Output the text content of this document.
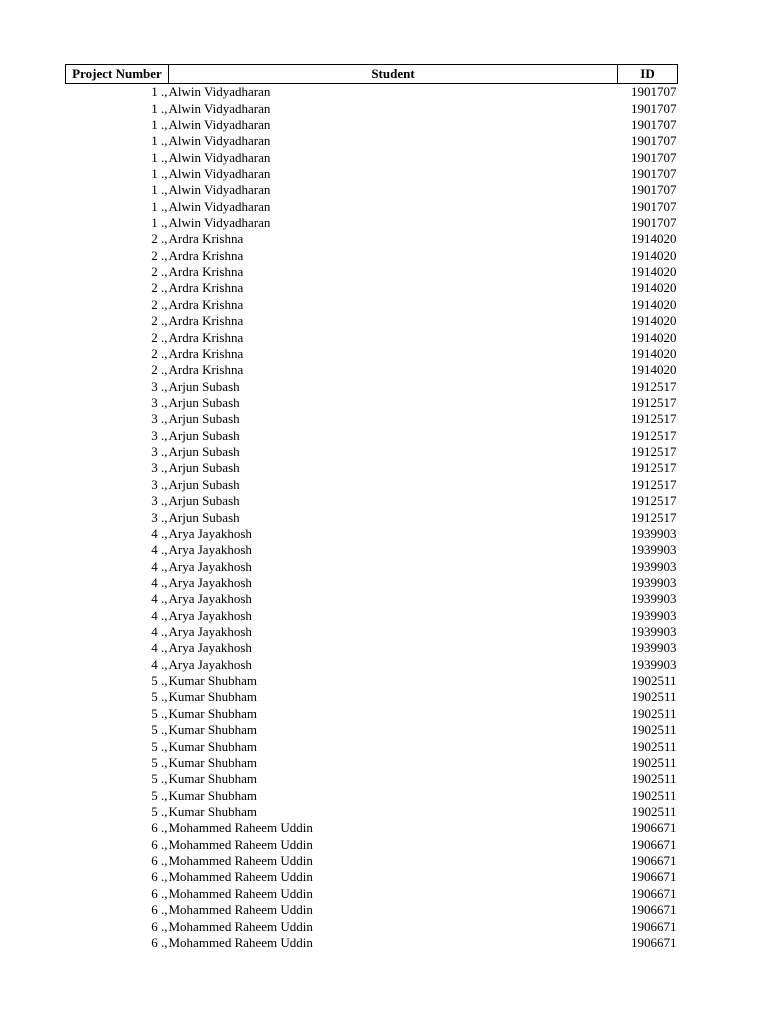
Project Number	Student	ID
1 .,	Alwin Vidyadharan	1901707
1 .,	Alwin Vidyadharan	1901707
1 .,	Alwin Vidyadharan	1901707
1 .,	Alwin Vidyadharan	1901707
1 .,	Alwin Vidyadharan	1901707
1 .,	Alwin Vidyadharan	1901707
1 .,	Alwin Vidyadharan	1901707
1 .,	Alwin Vidyadharan	1901707
1 .,	Alwin Vidyadharan	1901707
2 .,	Ardra Krishna	1914020
2 .,	Ardra Krishna	1914020
2 .,	Ardra Krishna	1914020
2 .,	Ardra Krishna	1914020
2 .,	Ardra Krishna	1914020
2 .,	Ardra Krishna	1914020
2 .,	Ardra Krishna	1914020
2 .,	Ardra Krishna	1914020
2 .,	Ardra Krishna	1914020
3 .,	Arjun Subash	1912517
3 .,	Arjun Subash	1912517
3 .,	Arjun Subash	1912517
3 .,	Arjun Subash	1912517
3 .,	Arjun Subash	1912517
3 .,	Arjun Subash	1912517
3 .,	Arjun Subash	1912517
3 .,	Arjun Subash	1912517
3 .,	Arjun Subash	1912517
4 .,	Arya Jayakhosh	1939903
4 .,	Arya Jayakhosh	1939903
4 .,	Arya Jayakhosh	1939903
4 .,	Arya Jayakhosh	1939903
4 .,	Arya Jayakhosh	1939903
4 .,	Arya Jayakhosh	1939903
4 .,	Arya Jayakhosh	1939903
4 .,	Arya Jayakhosh	1939903
4 .,	Arya Jayakhosh	1939903
5 .,	Kumar Shubham	1902511
5 .,	Kumar Shubham	1902511
5 .,	Kumar Shubham	1902511
5 .,	Kumar Shubham	1902511
5 .,	Kumar Shubham	1902511
5 .,	Kumar Shubham	1902511
5 .,	Kumar Shubham	1902511
5 .,	Kumar Shubham	1902511
5 .,	Kumar Shubham	1902511
6 .,	Mohammed Raheem Uddin	1906671
6 .,	Mohammed Raheem Uddin	1906671
6 .,	Mohammed Raheem Uddin	1906671
6 .,	Mohammed Raheem Uddin	1906671
6 .,	Mohammed Raheem Uddin	1906671
6 .,	Mohammed Raheem Uddin	1906671
6 .,	Mohammed Raheem Uddin	1906671
6 .,	Mohammed Raheem Uddin	1906671
